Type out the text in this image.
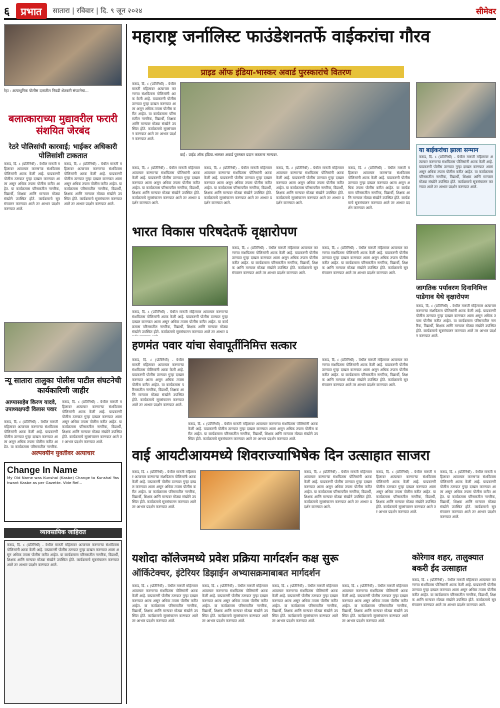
६	प्रभात	सातारा | रविवार | दि. ९ जून २०२४	सीमेवर
महाराष्ट्र जर्नालिस्ट फाउंडेशनतर्फे वाईकरांचा गौरव
प्राइड ऑफ इंडिया-भास्कर अवार्ड पुरस्कारांचे वितरण
रेहा : अत्याधुनिक पोलीस दलातील निवडी शेतकरी संघटनेचा...
बलात्काराच्या मुद्यावरील फरारी संशयित जेरबंद
रेठरे पोलिसांची कारवाई; भाईकर अधिकारी पोलिसांशी टाकतात
कराड, दि. ८ (प्रतिनिधी) - येथील मारुती महिलावर अत्याचार करणाऱ्या संशयितास पोलिसांनी अटक केली आहे. याप्रकरणी पोलीस ठाण्यात गुन्हा दाखल करण्यात आला असून अधिक तपास पोलीस करीत आहेत. या कार्यक्रमास परिसरातील नागरिक, विद्यार्थी, शिक्षक आणि मान्यवर मोठ्या संख्येने उपस्थित होते. कार्यक्रमाचे सूत्रसंचालन करण्यात आले तर आभार प्रदर्शन करण्यात आले.
कराड, दि. ८ (प्रतिनिधी) - येथील मारुती महिलावर अत्याचार करणाऱ्या संशयितास पोलिसांनी अटक केली आहे. याप्रकरणी पोलीस ठाण्यात गुन्हा दाखल करण्यात आला असून अधिक तपास पोलीस करीत आहेत. या कार्यक्रमास परिसरातील नागरिक, विद्यार्थी, शिक्षक आणि मान्यवर मोठ्या संख्येने उपस्थित होते. कार्यक्रमाचे सूत्रसंचालन करण्यात आले तर आभार प्रदर्शन करण्यात आले.
न्यू सातारा तालुका पोलीस पाटील संघटनेची कार्यकारिणी जाहीर
आप्पासाहेब किरण यादवे, उपाध्यक्षपदी विलास पवार
कराड, दि. ८ (प्रतिनिधी) - येथील मारुती महिलावर अत्याचार करणाऱ्या संशयितास पोलिसांनी अटक केली आहे. याप्रकरणी पोलीस ठाण्यात गुन्हा दाखल करण्यात आला असून अधिक तपास पोलीस करीत आहेत. या कार्यक्रमास परिसरातील नागरिक,
कराड, दि. ८ (प्रतिनिधी) - येथील मारुती महिलावर अत्याचार करणाऱ्या संशयितास पोलिसांनी अटक केली आहे. याप्रकरणी पोलीस ठाण्यात गुन्हा दाखल करण्यात आला असून अधिक तपास पोलीस करीत आहेत. या कार्यक्रमास परिसरातील नागरिक, विद्यार्थी, शिक्षक आणि मान्यवर मोठ्या संख्येने उपस्थित होते. कार्यक्रमाचे सूत्रसंचालन करण्यात आले तर आभार प्रदर्शन करण्यात आले.
अल्पवयीन युवतीवर अत्याचार
Change In Name
My Old Name was Kunshal (Kasbe) Change to Kunshal Yashwant Kasbe as per Gazette. Vide Ref...
व्यावसायिक जाहिरात
कराड, दि. ८ (प्रतिनिधी) - येथील मारुती महिलावर अत्याचार करणाऱ्या संशयितास पोलिसांनी अटक केली आहे. याप्रकरणी पोलीस ठाण्यात गुन्हा दाखल करण्यात आला असून अधिक तपास पोलीस करीत आहेत. या कार्यक्रमास परिसरातील नागरिक, विद्यार्थी, शिक्षक आणि मान्यवर मोठ्या संख्येने उपस्थित होते. कार्यक्रमाचे सूत्रसंचालन करण्यात आले तर आभार प्रदर्शन करण्यात आले.
कराड, दि. ८ (प्रतिनिधी) - येथील मारुती महिलावर अत्याचार करणाऱ्या संशयितास पोलिसांनी अटक केली आहे. याप्रकरणी पोलीस ठाण्यात गुन्हा दाखल करण्यात आला असून अधिक तपास पोलीस करीत आहेत. या कार्यक्रमास परिसरातील नागरिक, विद्यार्थी, शिक्षक आणि मान्यवर मोठ्या संख्येने उपस्थित होते. कार्यक्रमाचे सूत्रसंचालन करण्यात आले तर आभार प्रदर्शन करण्यात आले.
वाई : प्राईड ऑफ इंडिया-भास्कर अवार्ड पुरस्कार प्रदान करताना मान्यवर.
कराड, दि. ८ (प्रतिनिधी) - येथील मारुती महिलावर अत्याचार करणाऱ्या संशयितास पोलिसांनी अटक केली आहे. याप्रकरणी पोलीस ठाण्यात गुन्हा दाखल करण्यात आला असून अधिक तपास पोलीस करीत आहेत. या कार्यक्रमास परिसरातील नागरिक, विद्यार्थी, शिक्षक आणि मान्यवर मोठ्या संख्येने उपस्थित होते. कार्यक्रमाचे सूत्रसंचालन करण्यात आले तर आभार प्रदर्शन करण्यात आले.
कराड, दि. ८ (प्रतिनिधी) - येथील मारुती महिलावर अत्याचार करणाऱ्या संशयितास पोलिसांनी अटक केली आहे. याप्रकरणी पोलीस ठाण्यात गुन्हा दाखल करण्यात आला असून अधिक तपास पोलीस करीत आहेत. या कार्यक्रमास परिसरातील नागरिक, विद्यार्थी, शिक्षक आणि मान्यवर मोठ्या संख्येने उपस्थित होते. कार्यक्रमाचे सूत्रसंचालन करण्यात आले तर आभार प्रदर्शन करण्यात आले.
कराड, दि. ८ (प्रतिनिधी) - येथील मारुती महिलावर अत्याचार करणाऱ्या संशयितास पोलिसांनी अटक केली आहे. याप्रकरणी पोलीस ठाण्यात गुन्हा दाखल करण्यात आला असून अधिक तपास पोलीस करीत आहेत. या कार्यक्रमास परिसरातील नागरिक, विद्यार्थी, शिक्षक आणि मान्यवर मोठ्या संख्येने उपस्थित होते. कार्यक्रमाचे सूत्रसंचालन करण्यात आले तर आभार प्रदर्शन करण्यात आले.
कराड, दि. ८ (प्रतिनिधी) - येथील मारुती महिलावर अत्याचार करणाऱ्या संशयितास पोलिसांनी अटक केली आहे. याप्रकरणी पोलीस ठाण्यात गुन्हा दाखल करण्यात आला असून अधिक तपास पोलीस करीत आहेत. या कार्यक्रमास परिसरातील नागरिक, विद्यार्थी, शिक्षक आणि मान्यवर मोठ्या संख्येने उपस्थित होते. कार्यक्रमाचे सूत्रसंचालन करण्यात आले तर आभार प्रदर्शन करण्यात आले.
भारत विकास परिषदेतर्फे वृक्षारोपण
कराड, दि. ८ (प्रतिनिधी) - येथील मारुती महिलावर अत्याचार करणाऱ्या संशयितास पोलिसांनी अटक केली आहे. याप्रकरणी पोलीस ठाण्यात गुन्हा दाखल करण्यात आला असून अधिक तपास पोलीस करीत आहेत. या कार्यक्रमास परिसरातील नागरिक, विद्यार्थी, शिक्षक आणि मान्यवर मोठ्या संख्येने उपस्थित होते. कार्यक्रमाचे सूत्रसंचालन करण्यात आले तर आभार प्रदर्शन करण्यात आले.
कराड, दि. ८ (प्रतिनिधी) - येथील मारुती महिलावर अत्याचार करणाऱ्या संशयितास पोलिसांनी अटक केली आहे. याप्रकरणी पोलीस ठाण्यात गुन्हा दाखल करण्यात आला असून अधिक तपास पोलीस करीत आहेत. या कार्यक्रमास परिसरातील नागरिक, विद्यार्थी, शिक्षक आणि मान्यवर मोठ्या संख्येने उपस्थित होते. कार्यक्रमाचे सूत्रसंचालन करण्यात आले तर आभार प्रदर्शन करण्यात आले.
कराड, दि. ८ (प्रतिनिधी) - येथील मारुती महिलावर अत्याचार करणाऱ्या संशयितास पोलिसांनी अटक केली आहे. याप्रकरणी पोलीस ठाण्यात गुन्हा दाखल करण्यात आला असून अधिक तपास पोलीस करीत आहेत. या कार्यक्रमास परिसरातील नागरिक, विद्यार्थी, शिक्षक आणि मान्यवर मोठ्या संख्येने उपस्थित होते. कार्यक्रमाचे सूत्रसंचालन करण्यात आले तर आभार प्र
हणमंत पवार यांचा सेवापूर्तीनिमित्त सत्कार
कराड, दि. ८ (प्रतिनिधी) - येथील मारुती महिलावर अत्याचार करणाऱ्या संशयितास पोलिसांनी अटक केली आहे. याप्रकरणी पोलीस ठाण्यात गुन्हा दाखल करण्यात आला असून अधिक तपास पोलीस करीत आहेत. या कार्यक्रमास परिसरातील नागरिक, विद्यार्थी, शिक्षक आणि मान्यवर मोठ्या संख्येने उपस्थित होते. कार्यक्रमाचे सूत्रसंचालन करण्यात आले तर आभार प्रदर्शन करण्यात आले.
कराड, दि. ८ (प्रतिनिधी) - येथील मारुती महिलावर अत्याचार करणाऱ्या संशयितास पोलिसांनी अटक केली आहे. याप्रकरणी पोलीस ठाण्यात गुन्हा दाखल करण्यात आला असून अधिक तपास पोलीस करीत आहेत. या कार्यक्रमास परिसरातील नागरिक, विद्यार्थी, शिक्षक आणि मान्यवर मोठ्या संख्येने उपस्थित होते. कार्यक्रमाचे सूत्रसंचालन करण्यात आले तर आभार प्रदर्शन करण्यात आले.
कराड, दि. ८ (प्रतिनिधी) - येथील मारुती महिलावर अत्याचार करणाऱ्या संशयितास पोलिसांनी अटक केली आहे. याप्रकरणी पोलीस ठाण्यात गुन्हा दाखल करण्यात आला असून अधिक तपास पोलीस करीत आहेत. या कार्यक्रमास परिसरातील नागरिक, विद्यार्थी, शिक्षक आणि मान्यवर मोठ्या संख्येने उपस्थित होते. कार्यक्रमाचे सूत्रसंचालन करण्यात आले तर आभार प्रदर्शन करण्यात आले.
वाई आयटीआयमध्ये शिवराज्याभिषेक दिन उत्साहात साजरा
कराड, दि. ८ (प्रतिनिधी) - येथील मारुती महिलावर अत्याचार करणाऱ्या संशयितास पोलिसांनी अटक केली आहे. याप्रकरणी पोलीस ठाण्यात गुन्हा दाखल करण्यात आला असून अधिक तपास पोलीस करीत आहेत. या कार्यक्रमास परिसरातील नागरिक, विद्यार्थी, शिक्षक आणि मान्यवर मोठ्या संख्येने उपस्थित होते. कार्यक्रमाचे सूत्रसंचालन करण्यात आले तर आभार प्रदर्शन करण्यात आले.
कराड, दि. ८ (प्रतिनिधी) - येथील मारुती महिलावर अत्याचार करणाऱ्या संशयितास पोलिसांनी अटक केली आहे. याप्रकरणी पोलीस ठाण्यात गुन्हा दाखल करण्यात आला असून अधिक तपास पोलीस करीत आहेत. या कार्यक्रमास परिसरातील नागरिक, विद्यार्थी, शिक्षक आणि मान्यवर मोठ्या संख्येने उपस्थित होते. कार्यक्रमाचे सूत्रसंचालन करण्यात आले तर आभार प्रदर्शन करण्यात आले.
कराड, दि. ८ (प्रतिनिधी) - येथील मारुती महिलावर अत्याचार करणाऱ्या संशयितास पोलिसांनी अटक केली आहे. याप्रकरणी पोलीस ठाण्यात गुन्हा दाखल करण्यात आला असून अधिक तपास पोलीस करीत आहेत. या कार्यक्रमास परिसरातील नागरिक, विद्यार्थी, शिक्षक आणि मान्यवर मोठ्या संख्येने उपस्थित होते. कार्यक्रमाचे सूत्रसंचालन करण्यात आले तर आभार प्रदर्शन करण्यात आले.
कराड, दि. ८ (प्रतिनिधी) - येथील मारुती महिलावर अत्याचार करणाऱ्या संशयितास पोलिसांनी अटक केली आहे. याप्रकरणी पोलीस ठाण्यात गुन्हा दाखल करण्यात आला असून अधिक तपास पोलीस करीत आहेत. या कार्यक्रमास परिसरातील नागरिक, विद्यार्थी, शिक्षक आणि मान्यवर मोठ्या संख्येने उपस्थित होते. कार्यक्रमाचे सूत्रसंचालन करण्यात आले तर आभार प्रदर्शन करण्यात आले.
यशोदा कॉलेजमध्ये प्रवेश प्रक्रिया मार्गदर्शन कक्ष सुरू
ऑर्किटेक्चर, इंटेरियर डिझाईन अभ्यासक्रमाबाबत मार्गदर्शन
कराड, दि. ८ (प्रतिनिधी) - येथील मारुती महिलावर अत्याचार करणाऱ्या संशयितास पोलिसांनी अटक केली आहे. याप्रकरणी पोलीस ठाण्यात गुन्हा दाखल करण्यात आला असून अधिक तपास पोलीस करीत आहेत. या कार्यक्रमास परिसरातील नागरिक, विद्यार्थी, शिक्षक आणि मान्यवर मोठ्या संख्येने उपस्थित होते. कार्यक्रमाचे सूत्रसंचालन करण्यात आले तर आभार प्रदर्शन करण्यात आले.
कराड, दि. ८ (प्रतिनिधी) - येथील मारुती महिलावर अत्याचार करणाऱ्या संशयितास पोलिसांनी अटक केली आहे. याप्रकरणी पोलीस ठाण्यात गुन्हा दाखल करण्यात आला असून अधिक तपास पोलीस करीत आहेत. या कार्यक्रमास परिसरातील नागरिक, विद्यार्थी, शिक्षक आणि मान्यवर मोठ्या संख्येने उपस्थित होते. कार्यक्रमाचे सूत्रसंचालन करण्यात आले तर आभार प्रदर्शन करण्यात आले.
कराड, दि. ८ (प्रतिनिधी) - येथील मारुती महिलावर अत्याचार करणाऱ्या संशयितास पोलिसांनी अटक केली आहे. याप्रकरणी पोलीस ठाण्यात गुन्हा दाखल करण्यात आला असून अधिक तपास पोलीस करीत आहेत. या कार्यक्रमास परिसरातील नागरिक, विद्यार्थी, शिक्षक आणि मान्यवर मोठ्या संख्येने उपस्थित होते. कार्यक्रमाचे सूत्रसंचालन करण्यात आले तर आभार प्रदर्शन करण्यात आले.
कराड, दि. ८ (प्रतिनिधी) - येथील मारुती महिलावर अत्याचार करणाऱ्या संशयितास पोलिसांनी अटक केली आहे. याप्रकरणी पोलीस ठाण्यात गुन्हा दाखल करण्यात आला असून अधिक तपास पोलीस करीत आहेत. या कार्यक्रमास परिसरातील नागरिक, विद्यार्थी, शिक्षक आणि मान्यवर मोठ्या संख्येने उपस्थित होते. कार्यक्रमाचे सूत्रसंचालन करण्यात आले तर आभार प्रदर्शन करण्यात आले.
या बाईकरांचा झाला सन्मान
कराड, दि. ८ (प्रतिनिधी) - येथील मारुती महिलावर अत्याचार करणाऱ्या संशयितास पोलिसांनी अटक केली आहे. याप्रकरणी पोलीस ठाण्यात गुन्हा दाखल करण्यात आला असून अधिक तपास पोलीस करीत आहेत. या कार्यक्रमास परिसरातील नागरिक, विद्यार्थी, शिक्षक आणि मान्यवर मोठ्या संख्येने उपस्थित होते. कार्यक्रमाचे सूत्रसंचालन करण्यात आले तर आभार प्रदर्शन करण्यात आले.
जागतिक पर्यावरण दिनानिमित्त पाडेगाव येथे वृक्षारोपण
कराड, दि. ८ (प्रतिनिधी) - येथील मारुती महिलावर अत्याचार करणाऱ्या संशयितास पोलिसांनी अटक केली आहे. याप्रकरणी पोलीस ठाण्यात गुन्हा दाखल करण्यात आला असून अधिक तपास पोलीस करीत आहेत. या कार्यक्रमास परिसरातील नागरिक, विद्यार्थी, शिक्षक आणि मान्यवर मोठ्या संख्येने उपस्थित होते. कार्यक्रमाचे सूत्रसंचालन करण्यात आले तर आभार प्रदर्शन करण्यात आले.
कोरेगाव शहर, तालुक्यात बकरी ईद उत्साहात
कराड, दि. ८ (प्रतिनिधी) - येथील मारुती महिलावर अत्याचार करणाऱ्या संशयितास पोलिसांनी अटक केली आहे. याप्रकरणी पोलीस ठाण्यात गुन्हा दाखल करण्यात आला असून अधिक तपास पोलीस करीत आहेत. या कार्यक्रमास परिसरातील नागरिक, विद्यार्थी, शिक्षक आणि मान्यवर मोठ्या संख्येने उपस्थित होते. कार्यक्रमाचे सूत्रसंचालन करण्यात आले तर आभार प्रदर्शन करण्यात आले.
